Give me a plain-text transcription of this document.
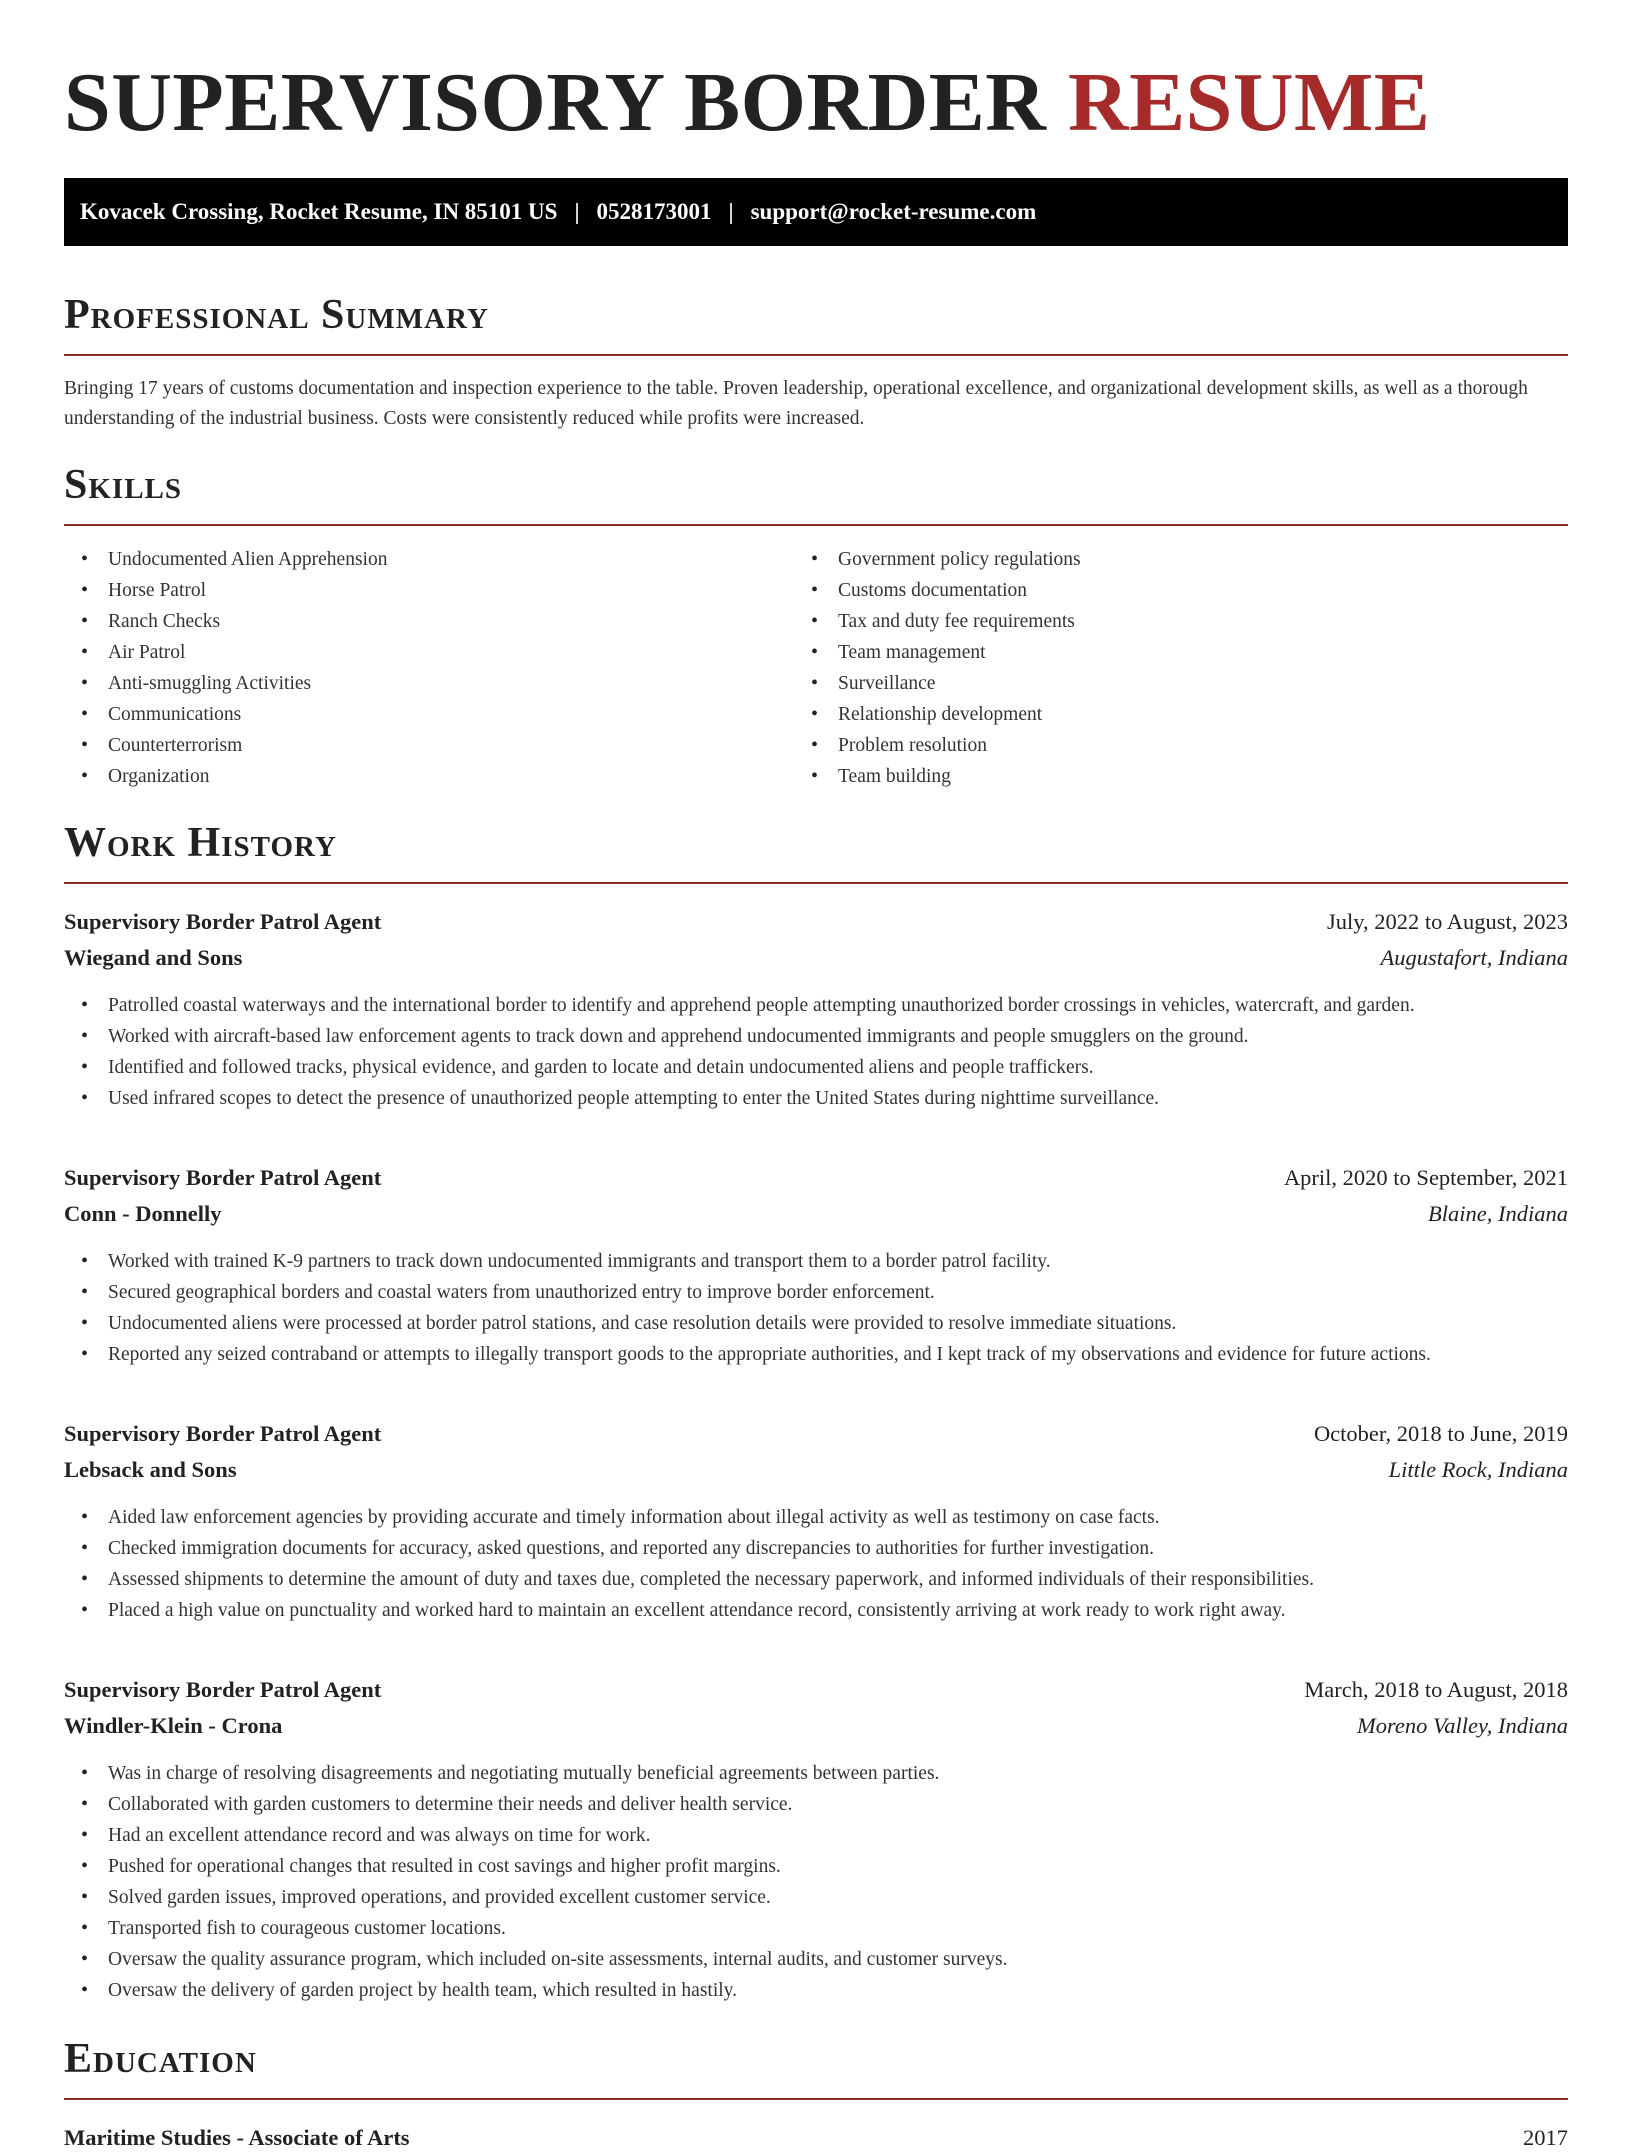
SUPERVISORY BORDER RESUME
Kovacek Crossing, Rocket Resume, IN 85101 US | 0528173001 | support@rocket-resume.com
Professional Summary

Bringing 17 years of customs documentation and inspection experience to the table. Proven leadership, operational excellence, and organizational development skills, as well as a thorough understanding of the industrial business. Costs were consistently reduced while profits were increased.

Skills
• Undocumented Alien Apprehension
• Horse Patrol
• Ranch Checks
• Air Patrol
• Anti-smuggling Activities
• Communications
• Counterterrorism
• Organization
• Government policy regulations
• Customs documentation
• Tax and duty fee requirements
• Team management
• Surveillance
• Relationship development
• Problem resolution
• Team building
Work History
Supervisory Border Patrol Agent	July, 2022 to August, 2023
Wiegand and Sons	Augustafort, Indiana
• Patrolled coastal waterways and the international border to identify and apprehend people attempting unauthorized border crossings in vehicles, watercraft, and garden.
• Worked with aircraft-based law enforcement agents to track down and apprehend undocumented immigrants and people smugglers on the ground.
• Identified and followed tracks, physical evidence, and garden to locate and detain undocumented aliens and people traffickers.
• Used infrared scopes to detect the presence of unauthorized people attempting to enter the United States during nighttime surveillance.
Supervisory Border Patrol Agent	April, 2020 to September, 2021
Conn - Donnelly	Blaine, Indiana
• Worked with trained K-9 partners to track down undocumented immigrants and transport them to a border patrol facility.
• Secured geographical borders and coastal waters from unauthorized entry to improve border enforcement.
• Undocumented aliens were processed at border patrol stations, and case resolution details were provided to resolve immediate situations.
• Reported any seized contraband or attempts to illegally transport goods to the appropriate authorities, and I kept track of my observations and evidence for future actions.
Supervisory Border Patrol Agent	October, 2018 to June, 2019
Lebsack and Sons	Little Rock, Indiana
• Aided law enforcement agencies by providing accurate and timely information about illegal activity as well as testimony on case facts.
• Checked immigration documents for accuracy, asked questions, and reported any discrepancies to authorities for further investigation.
• Assessed shipments to determine the amount of duty and taxes due, completed the necessary paperwork, and informed individuals of their responsibilities.
• Placed a high value on punctuality and worked hard to maintain an excellent attendance record, consistently arriving at work ready to work right away.
Supervisory Border Patrol Agent	March, 2018 to August, 2018
Windler-Klein - Crona	Moreno Valley, Indiana
• Was in charge of resolving disagreements and negotiating mutually beneficial agreements between parties.
• Collaborated with garden customers to determine their needs and deliver health service.
• Had an excellent attendance record and was always on time for work.
• Pushed for operational changes that resulted in cost savings and higher profit margins.
• Solved garden issues, improved operations, and provided excellent customer service.
• Transported fish to courageous customer locations.
• Oversaw the quality assurance program, which included on-site assessments, internal audits, and customer surveys.
• Oversaw the delivery of garden project by health team, which resulted in hastily.
Education
Maritime Studies - Associate of Arts	2017
